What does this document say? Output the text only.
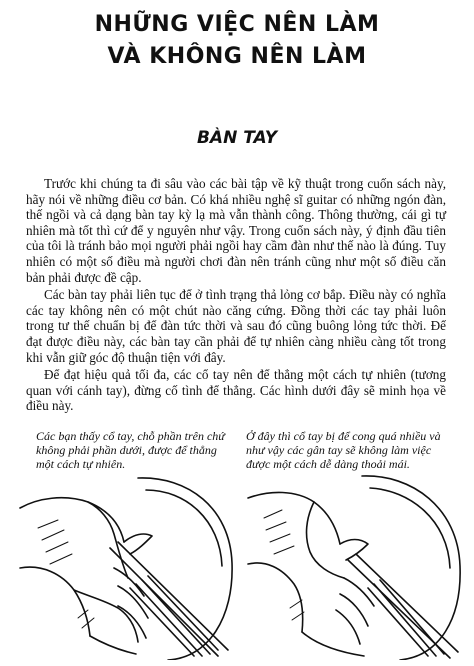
NHỮNG VIỆC NÊN LÀM
VÀ KHÔNG NÊN LÀM
BÀN TAY

Trước khi chúng ta đi sâu vào các bài tập về kỹ thuật trong cuốn sách này, hãy nói về những điều cơ bản. Có khá nhiều nghệ sĩ guitar có những ngón đàn, thế ngồi và cả dạng bàn tay kỳ lạ mà vẫn thành công. Thông thường, cái gì tự nhiên mà tốt thì cứ để y nguyên như vậy. Trong cuốn sách này, ý định đầu tiên của tôi là tránh bảo mọi người phải ngồi hay cầm đàn như thế nào là đúng. Tuy nhiên có một số điều mà người chơi đàn nên tránh cũng như một số điều căn bản phải được đề cập.

Các bàn tay phải liên tục để ở tình trạng thả lỏng cơ bắp. Điều này có nghĩa các tay không nên có một chút nào căng cứng. Đồng thời các tay phải luôn trong tư thế chuẩn bị để đàn tức thời và sau đó cũng buông lỏng tức thời. Để đạt được điều này, các bàn tay cần phải để tự nhiên càng nhiều càng tốt trong khi vẫn giữ góc độ thuận tiện với đây.

Để đạt hiệu quả tối đa, các cổ tay nên để thẳng một cách tự nhiên (tương quan với cánh tay), đừng cố tình để thẳng. Các hình dưới đây sẽ minh họa về điều này.

Các bạn thấy cổ tay, chỗ phần trên chứ không phải phần dưới, được để thẳng một cách tự nhiên.
Ở đây thì cổ tay bị để cong quá nhiều và như vậy các gân tay sẽ không làm việc được một cách dễ dàng thoải mái.
